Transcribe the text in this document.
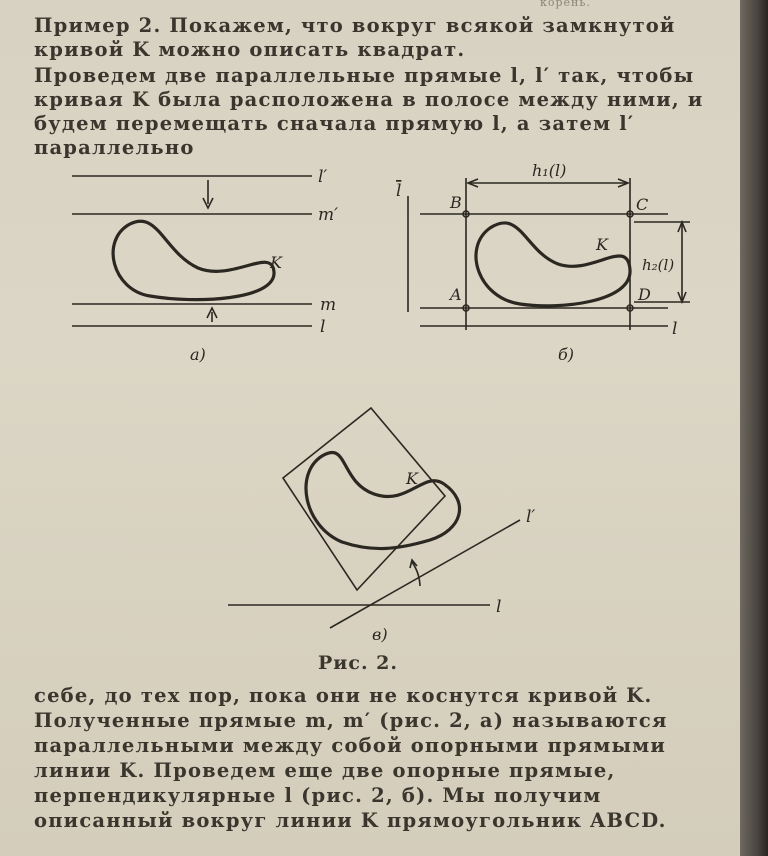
корень.

Пример 2. Покажем, что вокруг всякой замкнутой кривой K можно описать квадрат.

Проведем две параллельные прямые l, l′ так, чтобы кривая K была расположена в полосе между ними, и будем перемещать сначала прямую l, а затем l′ параллельно

l′
m′
K
m
l
a)
l
h₁(l)
B	C
K
h₂(l)
A	D
l
б)
K
l′
l
в)
Рис. 2.

себе, до тех пор, пока они не коснутся кривой K. Полученные прямые m, m′ (рис. 2, a) называются параллельными между собой опорными прямыми линии K. Проведем еще две опорные прямые, перпендикулярные l (рис. 2, б). Мы получим описанный вокруг линии K прямоугольник ABCD.
